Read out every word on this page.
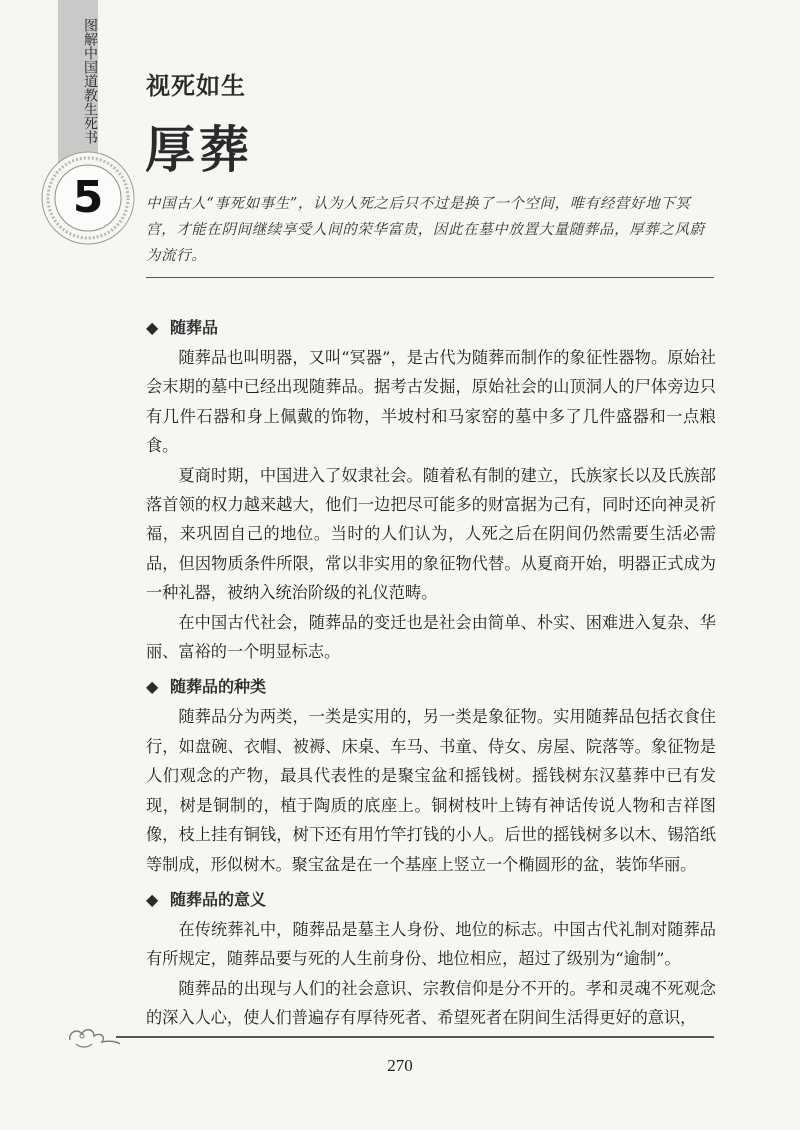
图解中国道教生死书
5
视死如生
厚葬
中国古人“事死如事生”，认为人死之后只不过是换了一个空间，唯有经营好地下冥宫，才能在阴间继续享受人间的荣华富贵，因此在墓中放置大量随葬品，厚葬之风蔚为流行。
◆ 随葬品

随葬品也叫明器，又叫“冥器”，是古代为随葬而制作的象征性器物。原始社会末期的墓中已经出现随葬品。据考古发掘，原始社会的山顶洞人的尸体旁边只有几件石器和身上佩戴的饰物，半坡村和马家窑的墓中多了几件盛器和一点粮食。

夏商时期，中国进入了奴隶社会。随着私有制的建立，氏族家长以及氏族部落首领的权力越来越大，他们一边把尽可能多的财富据为己有，同时还向神灵祈福，来巩固自己的地位。当时的人们认为，人死之后在阴间仍然需要生活必需品，但因物质条件所限，常以非实用的象征物代替。从夏商开始，明器正式成为一种礼器，被纳入统治阶级的礼仪范畴。

在中国古代社会，随葬品的变迁也是社会由简单、朴实、困难进入复杂、华丽、富裕的一个明显标志。

◆ 随葬品的种类

随葬品分为两类，一类是实用的，另一类是象征物。实用随葬品包括衣食住行，如盘碗、衣帽、被褥、床桌、车马、书童、侍女、房屋、院落等。象征物是人们观念的产物，最具代表性的是聚宝盆和摇钱树。摇钱树东汉墓葬中已有发现，树是铜制的，植于陶质的底座上。铜树枝叶上铸有神话传说人物和吉祥图像，枝上挂有铜钱，树下还有用竹竿打钱的小人。后世的摇钱树多以木、锡箔纸等制成，形似树木。聚宝盆是在一个基座上竖立一个椭圆形的盆，装饰华丽。

◆ 随葬品的意义

在传统葬礼中，随葬品是墓主人身份、地位的标志。中国古代礼制对随葬品有所规定，随葬品要与死的人生前身份、地位相应，超过了级别为“逾制”。

随葬品的出现与人们的社会意识、宗教信仰是分不开的。孝和灵魂不死观念的深入人心，使人们普遍存有厚待死者、希望死者在阴间生活得更好的意识，

270
